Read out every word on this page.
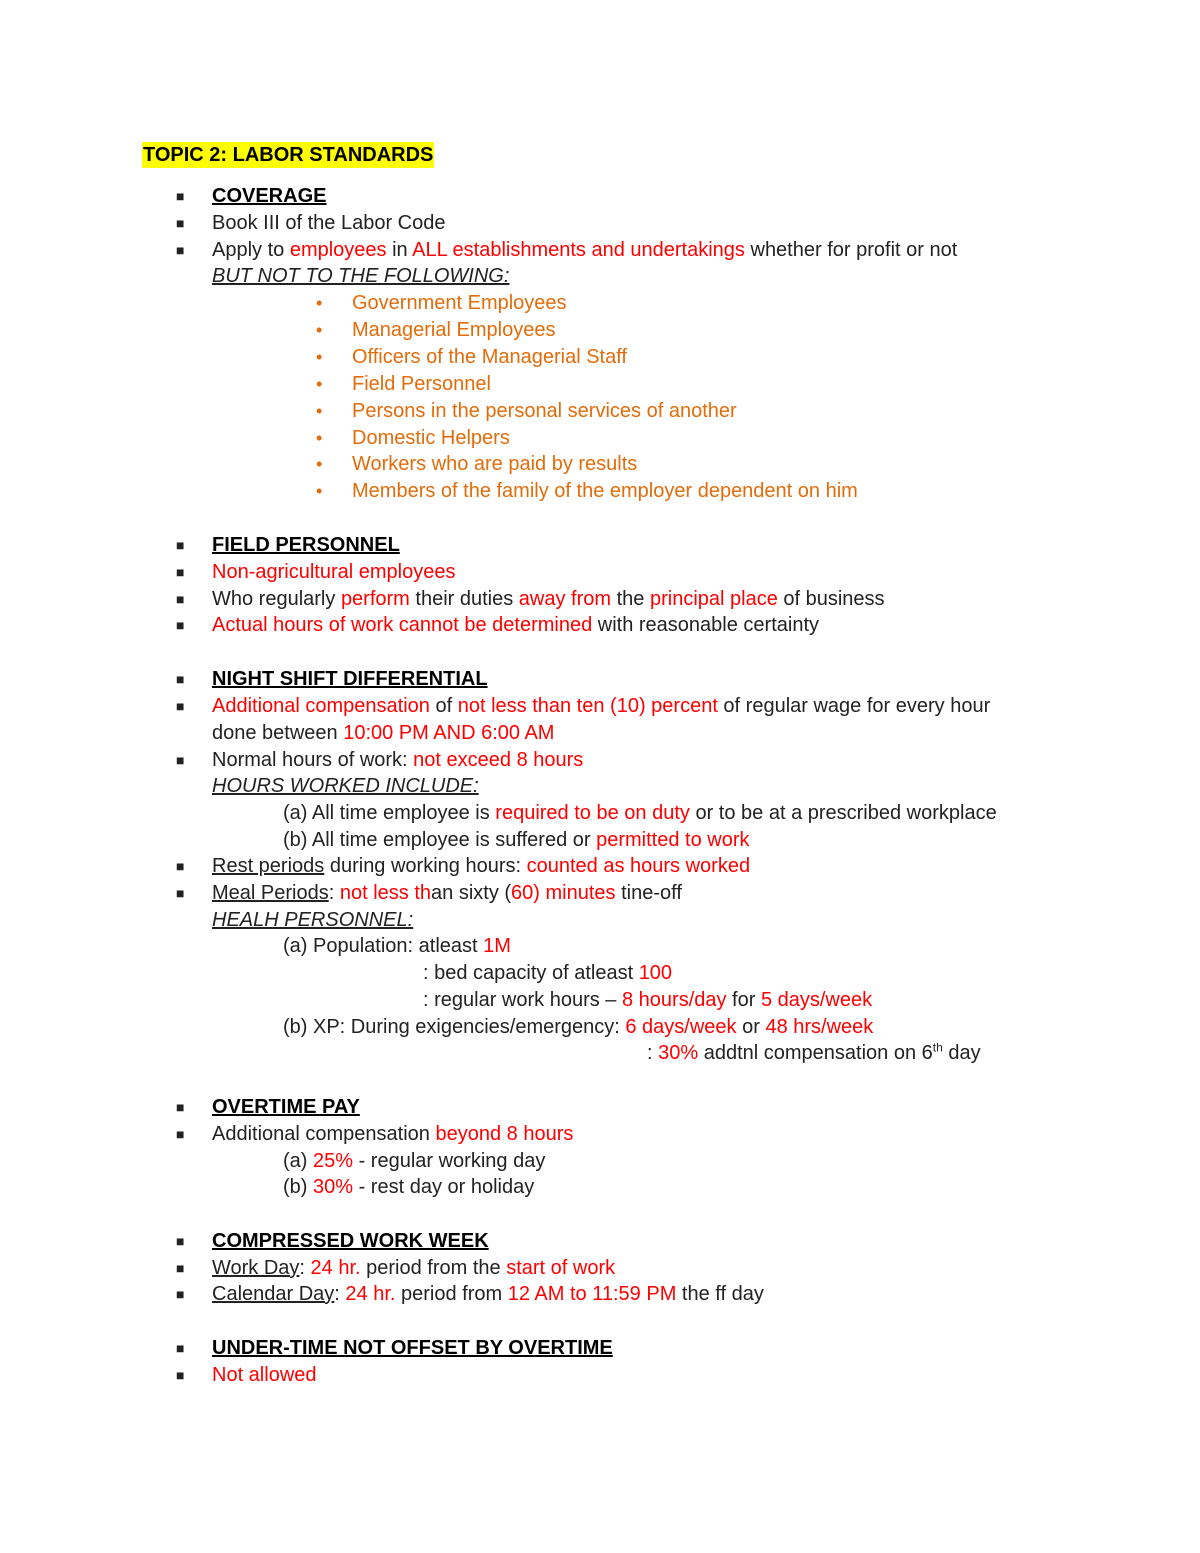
TOPIC 2: LABOR STANDARDS
■ COVERAGE
■ Book III of the Labor Code
■ Apply to employees in ALL establishments and undertakings whether for profit or not
BUT NOT TO THE FOLLOWING:
• Government Employees
• Managerial Employees
• Officers of the Managerial Staff
• Field Personnel
• Persons in the personal services of another
• Domestic Helpers
• Workers who are paid by results
• Members of the family of the employer dependent on him
■ FIELD PERSONNEL
■ Non-agricultural employees
■ Who regularly perform their duties away from the principal place of business
■ Actual hours of work cannot be determined with reasonable certainty
■ NIGHT SHIFT DIFFERENTIAL
■ Additional compensation of not less than ten (10) percent of regular wage for every hour
done between 10:00 PM AND 6:00 AM
■ Normal hours of work: not exceed 8 hours
HOURS WORKED INCLUDE:
(a) All time employee is required to be on duty or to be at a prescribed workplace
(b) All time employee is suffered or permitted to work
■ Rest periods during working hours: counted as hours worked
■ Meal Periods: not less than sixty (60) minutes tine-off
HEALH PERSONNEL:
(a) Population: atleast 1M
: bed capacity of atleast 100
: regular work hours – 8 hours/day for 5 days/week
(b) XP: During exigencies/emergency: 6 days/week or 48 hrs/week
: 30% addtnl compensation on 6th day
■ OVERTIME PAY
■ Additional compensation beyond 8 hours
(a) 25% - regular working day
(b) 30% - rest day or holiday
■ COMPRESSED WORK WEEK
■ Work Day: 24 hr. period from the start of work
■ Calendar Day: 24 hr. period from 12 AM to 11:59 PM the ff day
■ UNDER-TIME NOT OFFSET BY OVERTIME
■ Not allowed
